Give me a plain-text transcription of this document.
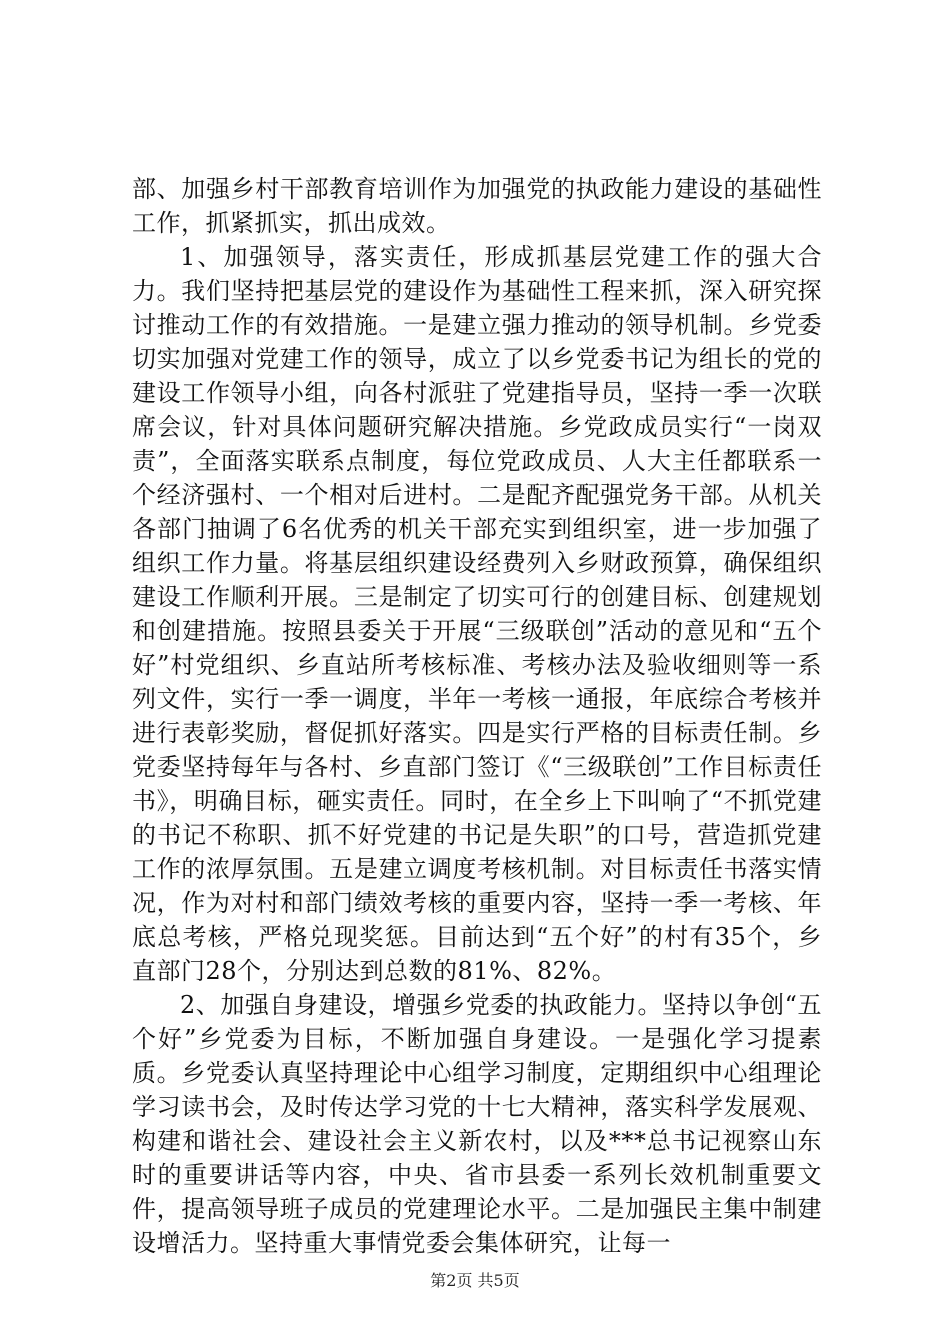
部、加强乡村干部教育培训作为加强党的执政能力建设的基础性工作，抓紧抓实，抓出成效。

1、加强领导，落实责任，形成抓基层党建工作的强大合力。我们坚持把基层党的建设作为基础性工程来抓，深入研究探讨推动工作的有效措施。一是建立强力推动的领导机制。乡党委切实加强对党建工作的领导，成立了以乡党委书记为组长的党的建设工作领导小组，向各村派驻了党建指导员，坚持一季一次联席会议，针对具体问题研究解决措施。乡党政成员实行“一岗双责”，全面落实联系点制度，每位党政成员、人大主任都联系一个经济强村、一个相对后进村。二是配齐配强党务干部。从机关各部门抽调了6名优秀的机关干部充实到组织室，进一步加强了组织工作力量。将基层组织建设经费列入乡财政预算，确保组织建设工作顺利开展。三是制定了切实可行的创建目标、创建规划和创建措施。按照县委关于开展“三级联创”活动的意见和“五个好”村党组织、乡直站所考核标准、考核办法及验收细则等一系列文件，实行一季一调度，半年一考核一通报，年底综合考核并进行表彰奖励，督促抓好落实。四是实行严格的目标责任制。乡党委坚持每年与各村、乡直部门签订《“三级联创”工作目标责任书》，明确目标，砸实责任。同时，在全乡上下叫响了“不抓党建的书记不称职、抓不好党建的书记是失职”的口号，营造抓党建工作的浓厚氛围。五是建立调度考核机制。对目标责任书落实情况，作为对村和部门绩效考核的重要内容，坚持一季一考核、年底总考核，严格兑现奖惩。目前达到“五个好”的村有35个，乡直部门28个，分别达到总数的81%、82%。

2、加强自身建设，增强乡党委的执政能力。坚持以争创“五个好”乡党委为目标，不断加强自身建设。一是强化学习提素质。乡党委认真坚持理论中心组学习制度，定期组织中心组理论学习读书会，及时传达学习党的十七大精神，落实科学发展观、构建和谐社会、建设社会主义新农村，以及***总书记视察山东时的重要讲话等内容，中央、省市县委一系列长效机制重要文件，提高领导班子成员的党建理论水平。二是加强民主集中制建设增活力。坚持重大事情党委会集体研究，让每一

第2页 共5页
